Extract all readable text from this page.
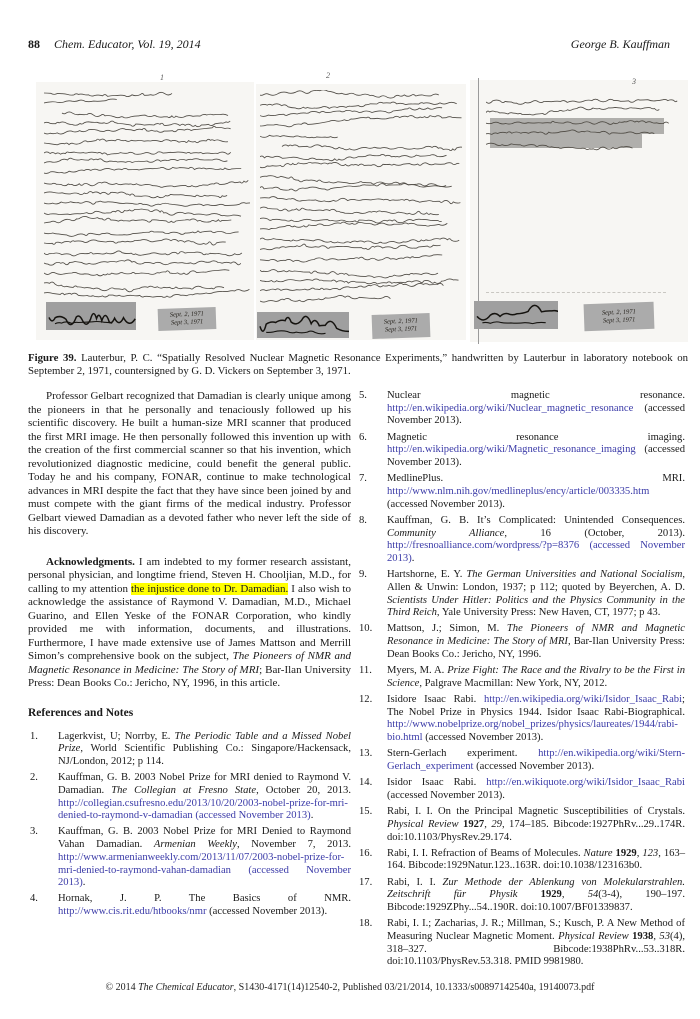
88 Chem. Educator, Vol. 19, 2014	George B. Kauffman
1	2
3
Sept. 2, 1971
Sept 3, 1971	Sept. 2, 1971
Sept 3, 1971
Sept. 2, 1971
Sept 3, 1971
Figure 39. Lauterbur, P. C. “Spatially Resolved Nuclear Magnetic Resonance Experiments,” handwritten by Lauterbur in laboratory notebook on September 2, 1971, countersigned by G. D. Vickers on September 3, 1971.

Professor Gelbart recognized that Damadian is clearly unique among the pioneers in that he personally and tenaciously followed up his scientific discovery. He built a human-size MRI scanner that produced the first MRI image. He then personally followed this invention up with the creation of the first commercial scanner so that his invention, which revolutionized diagnostic medicine, could benefit the general public. Today he and his company, FONAR, continue to make technological advances in MRI despite the fact that they have since been joined by and must compete with the giant firms of the medical industry. Professor Gelbart viewed Damadian as a devoted father who never left the side of his discovery.

Acknowledgments. I am indebted to my former research assistant, personal physician, and longtime friend, Steven H. Chooljian, M.D., for calling to my attention the injustice done to Dr. Damadian. I also wish to acknowledge the assistance of Raymond V. Damadian, M.D., Michael Guarino, and Ellen Yeske of the FONAR Corporation, who kindly provided me with information, documents, and illustrations. Furthermore, I have made extensive use of James Mattson and Merrill Simon’s comprehensive book on the subject, The Pioneers of NMR and Magnetic Resonance in Medicine: The Story of MRI; Bar-Ilan University Press: Dean Books Co.: Jericho, NY, 1996, in this article.

References and Notes
1. Lagerkvist, U; Norrby, E. The Periodic Table and a Missed Nobel Prize, World Scientific Publishing Co.: Singapore/Hackensack, NJ/London, 2012; p 114.
2. Kauffman, G. B. 2003 Nobel Prize for MRI denied to Raymond V. Damadian. The Collegian at Fresno State, October 20, 2013. http://collegian.csufresno.edu/2013/10/20/2003-nobel-prize-for-mri-denied-to-raymond-v-damadian (accessed November 2013).
3. Kauffman, G. B. 2003 Nobel Prize for MRI Denied to Raymond Vahan Damadian. Armenian Weekly, November 7, 2013. http://www.armenianweekly.com/2013/11/07/2003-nobel-prize-for-mri-denied-to-raymond-vahan-damadian (accessed November 2013).
4. Hornak, J. P. The Basics of NMR. http://www.cis.rit.edu/htbooks/nmr (accessed November 2013).
5. Nuclear magnetic resonance. http://en.wikipedia.org/wiki/Nuclear_magnetic_resonance (accessed November 2013).
6. Magnetic resonance imaging. http://en.wikipedia.org/wiki/Magnetic_resonance_imaging (accessed November 2013).
7. MedlinePlus. MRI. http://www.nlm.nih.gov/medlineplus/ency/article/003335.htm (accessed November 2013).
8. Kauffman, G. B. It’s Complicated: Unintended Consequences. Community Alliance, 16 (October, 2013). http://fresnoalliance.com/wordpress/?p=8376 (accessed November 2013).
9. Hartshorne, E. Y. The German Universities and National Socialism, Allen & Unwin: London, 1937; p 112; quoted by Beyerchen, A. D. Scientists Under Hitler: Politics and the Physics Community in the Third Reich, Yale University Press: New Haven, CT, 1977; p 43.
10. Mattson, J.; Simon, M. The Pioneers of NMR and Magnetic Resonance in Medicine: The Story of MRI, Bar-Ilan University Press: Dean Books Co.: Jericho, NY, 1996.
11. Myers, M. A. Prize Fight: The Race and the Rivalry to be the First in Science, Palgrave Macmillan: New York, NY, 2012.
12. Isidore Isaac Rabi. http://en.wikipedia.org/wiki/Isidor_Isaac_Rabi; The Nobel Prize in Physics 1944. Isidor Isaac Rabi-Biographical. http://www.nobelprize.org/nobel_prizes/physics/laureates/1944/rabi-bio.html (accessed November 2013).
13. Stern-Gerlach experiment. http://en.wikipedia.org/wiki/Stern-Gerlach_experiment (accessed November 2013).
14. Isidor Isaac Rabi. http://en.wikiquote.org/wiki/Isidor_Isaac_Rabi (accessed November 2013).
15. Rabi, I. I. On the Principal Magnetic Susceptibilities of Crystals. Physical Review 1927, 29, 174–185. Bibcode:1927PhRv...29..174R. doi:10.1103/PhysRev.29.174.
16. Rabi, I. I. Refraction of Beams of Molecules. Nature 1929, 123, 163–164. Bibcode:1929Natur.123..163R. doi:10.1038/123163b0.
17. Rabi, I. I. Zur Methode der Ablenkung von Molekularstrahlen. Zeitschrift für Physik 1929, 54(3-4), 190–197. Bibcode:1929ZPhy...54..190R. doi:10.1007/BF01339837.
18. Rabi, I. I.; Zacharias, J. R.; Millman, S.; Kusch, P. A New Method of Measuring Nuclear Magnetic Moment. Physical Review 1938, 53(4), 318–327. Bibcode:1938PhRv...53..318R. doi:10.1103/PhysRev.53.318. PMID 9981980.
© 2014 The Chemical Educator, S1430-4171(14)12540-2, Published 03/21/2014, 10.1333/s00897142540a, 19140073.pdf
